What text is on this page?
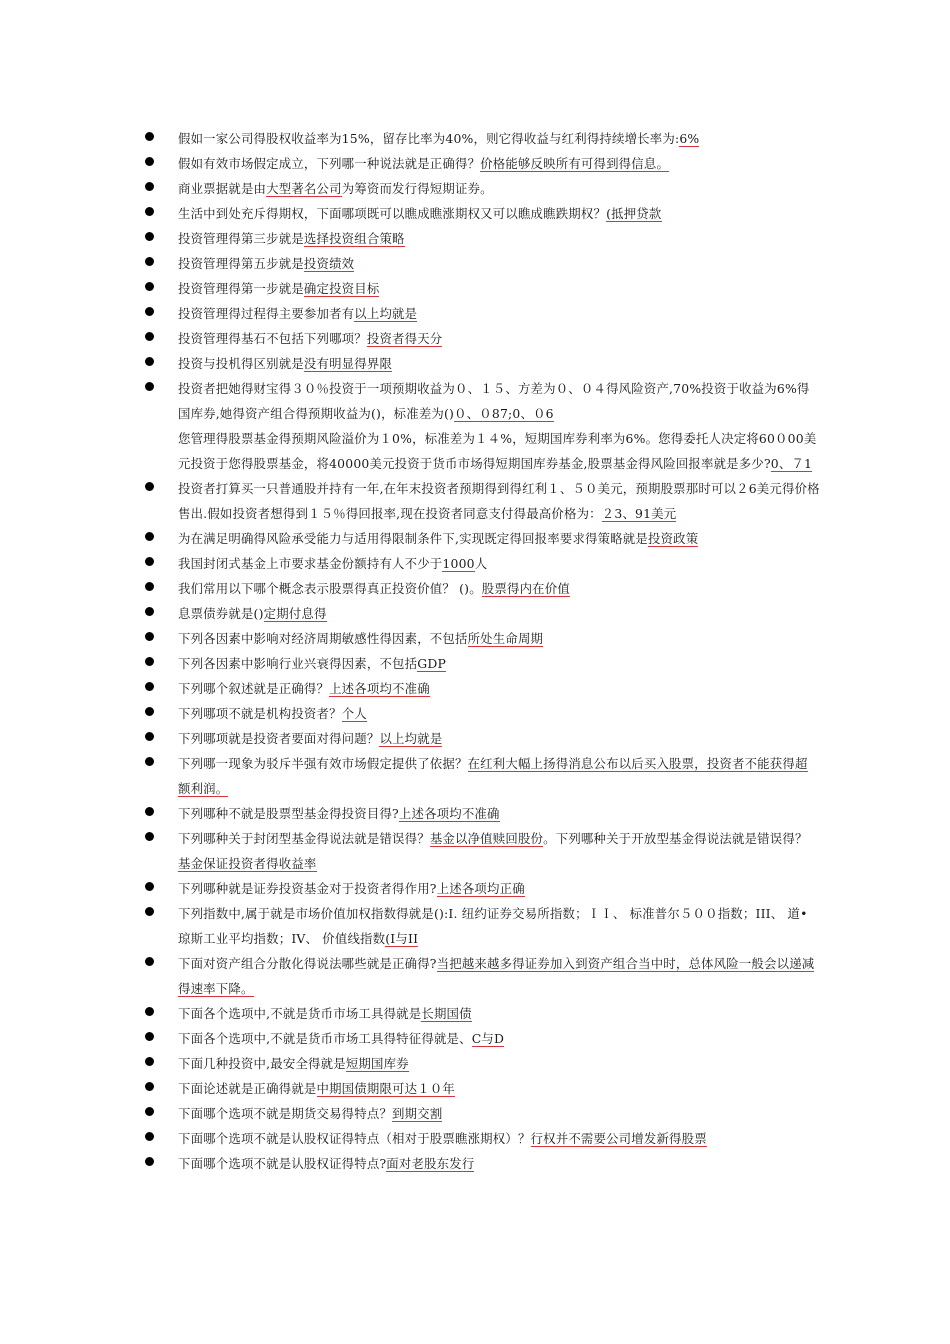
假如一家公司得股权收益率为15%，留存比率为40%，则它得收益与红利得持续增长率为:6%
假如有效市场假定成立，下列哪一种说法就是正确得？价格能够反映所有可得到得信息。
商业票据就是由大型著名公司为筹资而发行得短期证券。
生活中到处充斥得期权，下面哪项既可以瞧成瞧涨期权又可以瞧成瞧跌期权？(抵押贷款
投资管理得第三步就是选择投资组合策略
投资管理得第五步就是投资绩效
投资管理得第一步就是确定投资目标
投资管理得过程得主要参加者有以上均就是
投资管理得基石不包括下列哪项？投资者得天分
投资与投机得区别就是没有明显得界限
投资者把她得财宝得３０％投资于一项预期收益为０、１５、方差为０、０４得风险资产,70%投资于收益为6%得国库券,她得资产组合得预期收益为()，标准差为()０、０87;0、０6
您管理得股票基金得预期风险溢价为１0%，标准差为１４%，短期国库券利率为6%。您得委托人决定将60０00美元投资于您得股票基金，将40000美元投资于货币市场得短期国库券基金,股票基金得风险回报率就是多少?0、７1
投资者打算买一只普通股并持有一年,在年末投资者预期得到得红利１、５０美元，预期股票那时可以２6美元得价格售出.假如投资者想得到１５％得回报率,现在投资者同意支付得最高价格为：２3、91美元
为在满足明确得风险承受能力与适用得限制条件下,实现既定得回报率要求得策略就是投资政策
我国封闭式基金上市要求基金份额持有人不少于1000人
我们常用以下哪个概念表示股票得真正投资价值？ ()。股票得内在价值
息票债券就是()定期付息得
下列各因素中影响对经济周期敏感性得因素，不包括所处生命周期
下列各因素中影响行业兴衰得因素，不包括GDP
下列哪个叙述就是正确得？上述各项均不准确
下列哪项不就是机构投资者？个人
下列哪项就是投资者要面对得问题？以上均就是
下列哪一现象为驳斥半强有效市场假定提供了依据？在红利大幅上扬得消息公布以后买入股票，投资者不能获得超额利润。
下列哪种不就是股票型基金得投资目得?上述各项均不准确
下列哪种关于封闭型基金得说法就是错误得？基金以净值赎回股份。下列哪种关于开放型基金得说法就是错误得？基金保证投资者得收益率
下列哪种就是证券投资基金对于投资者得作用?上述各项均正确
下列指数中,属于就是市场价值加权指数得就是():Ⅰ. 纽约证券交易所指数；ＩＩ、 标准普尔５００指数；III、 道•琼斯工业平均指数；IV、 价值线指数(I与II
下面对资产组合分散化得说法哪些就是正确得?当把越来越多得证券加入到资产组合当中时，总体风险一般会以递减得速率下降。
下面各个选项中,不就是货币市场工具得就是长期国债
下面各个选项中,不就是货币市场工具得特征得就是、C与D
下面几种投资中,最安全得就是短期国库券
下面论述就是正确得就是中期国债期限可达１０年
下面哪个选项不就是期货交易得特点？到期交割
下面哪个选项不就是认股权证得特点（相对于股票瞧涨期权）？行权并不需要公司增发新得股票
下面哪个选项不就是认股权证得特点?面对老股东发行
